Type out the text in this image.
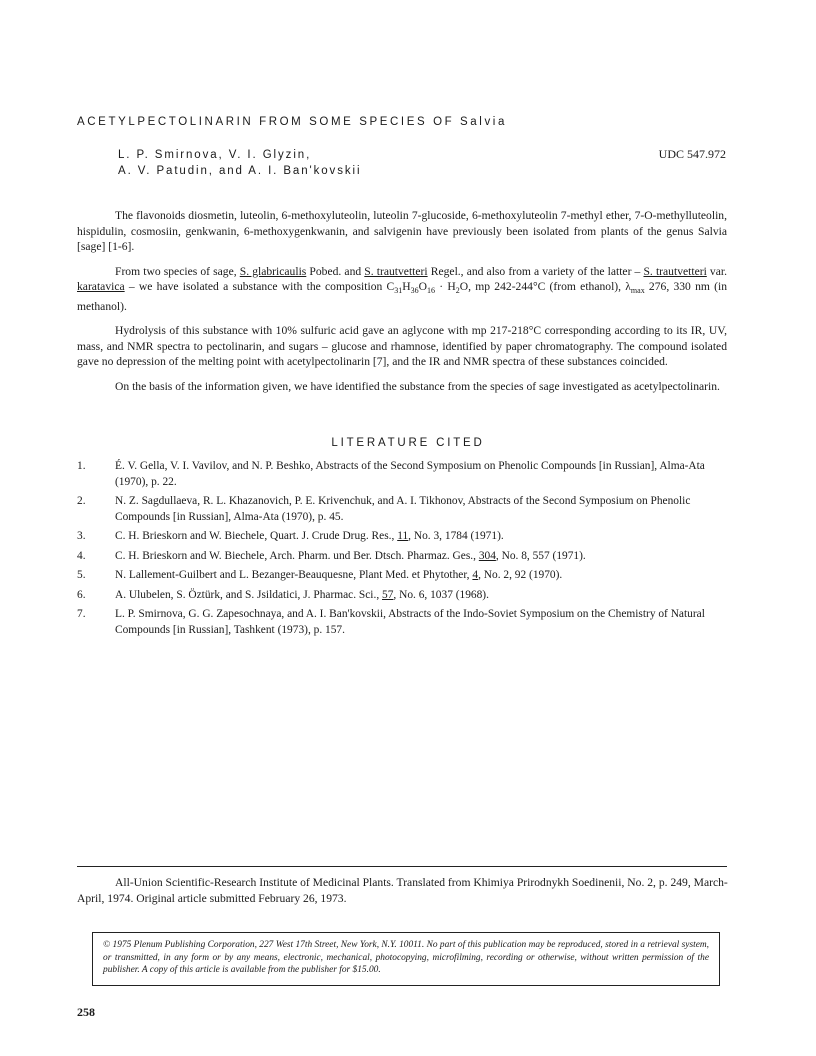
ACETYLPECTOLINARIN FROM SOME SPECIES OF Salvia
L. P. Smirnova, V. I. Glyzin,
A. V. Patudin, and A. I. Ban'kovskii
UDC 547.972

The flavonoids diosmetin, luteolin, 6-methoxyluteolin, luteolin 7-glucoside, 6-methoxyluteolin 7-methyl ether, 7-O-methylluteolin, hispidulin, cosmosiin, genkwanin, 6-methoxygenkwanin, and salvigenin have previously been isolated from plants of the genus Salvia [sage] [1-6].

From two species of sage, S. glabricaulis Pobed. and S. trautvetteri Regel., and also from a variety of the latter – S. trautvetteri var. karatavica – we have isolated a substance with the composition $C_{31}H_{36}O_{16} \cdot H_2O$, mp 242-244°C (from ethanol), $\lambda_{max}$ 276, 330 nm (in methanol).

Hydrolysis of this substance with 10% sulfuric acid gave an aglycone with mp 217-218°C corresponding according to its IR, UV, mass, and NMR spectra to pectolinarin, and sugars – glucose and rhamnose, identified by paper chromatography. The compound isolated gave no depression of the melting point with acetylpectolinarin [7], and the IR and NMR spectra of these substances coincided.

On the basis of the information given, we have identified the substance from the species of sage investigated as acetylpectolinarin.

LITERATURE CITED
1.	É. V. Gella, V. I. Vavilov, and N. P. Beshko, Abstracts of the Second Symposium on Phenolic Compounds [in Russian], Alma-Ata (1970), p. 22.
2.	N. Z. Sagdullaeva, R. L. Khazanovich, P. E. Krivenchuk, and A. I. Tikhonov, Abstracts of the Second Symposium on Phenolic Compounds [in Russian], Alma-Ata (1970), p. 45.
3.	C. H. Brieskorn and W. Biechele, Quart. J. Crude Drug. Res., 11, No. 3, 1784 (1971).
4.	C. H. Brieskorn and W. Biechele, Arch. Pharm. und Ber. Dtsch. Pharmaz. Ges., 304, No. 8, 557 (1971).
5.	N. Lallement-Guilbert and L. Bezanger-Beauquesne, Plant Med. et Phytother, 4, No. 2, 92 (1970).
6.	A. Ulubelen, S. Öztürk, and S. Jsildatici, J. Pharmac. Sci., 57, No. 6, 1037 (1968).
7.	L. P. Smirnova, G. G. Zapesochnaya, and A. I. Ban'kovskii, Abstracts of the Indo-Soviet Symposium on the Chemistry of Natural Compounds [in Russian], Tashkent (1973), p. 157.

All-Union Scientific-Research Institute of Medicinal Plants. Translated from Khimiya Prirodnykh Soedinenii, No. 2, p. 249, March-April, 1974. Original article submitted February 26, 1973.

© 1975 Plenum Publishing Corporation, 227 West 17th Street, New York, N.Y. 10011. No part of this publication may be reproduced, stored in a retrieval system, or transmitted, in any form or by any means, electronic, mechanical, photocopying, microfilming, recording or otherwise, without written permission of the publisher. A copy of this article is available from the publisher for $15.00.
258
